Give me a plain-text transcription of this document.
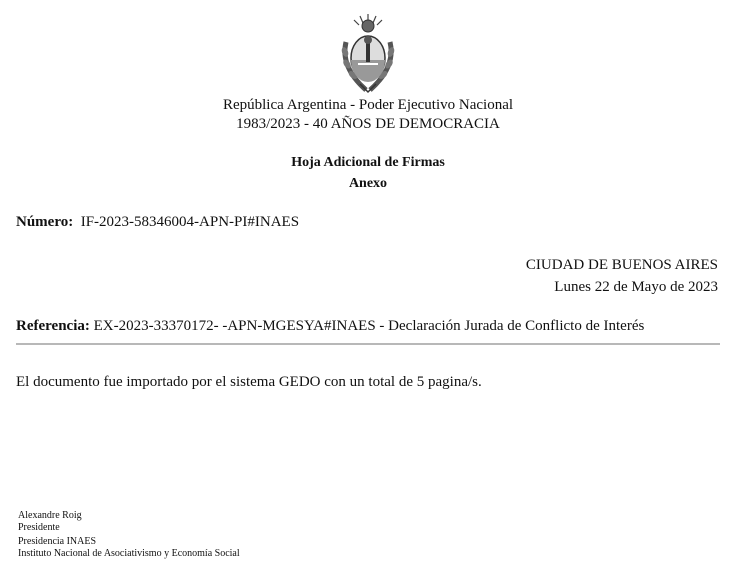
República Argentina - Poder Ejecutivo Nacional
1983/2023 - 40 AÑOS DE DEMOCRACIA
Hoja Adicional de Firmas
Anexo
Número: IF-2023-58346004-APN-PI#INAES
CIUDAD DE BUENOS AIRES
Lunes 22 de Mayo de 2023
Referencia: EX-2023-33370172- -APN-MGESYA#INAES - Declaración Jurada de Conflicto de Interés
El documento fue importado por el sistema GEDO con un total de 5 pagina/s.
Alexandre Roig
Presidente
Presidencia INAES
Instituto Nacional de Asociativismo y Economía Social
